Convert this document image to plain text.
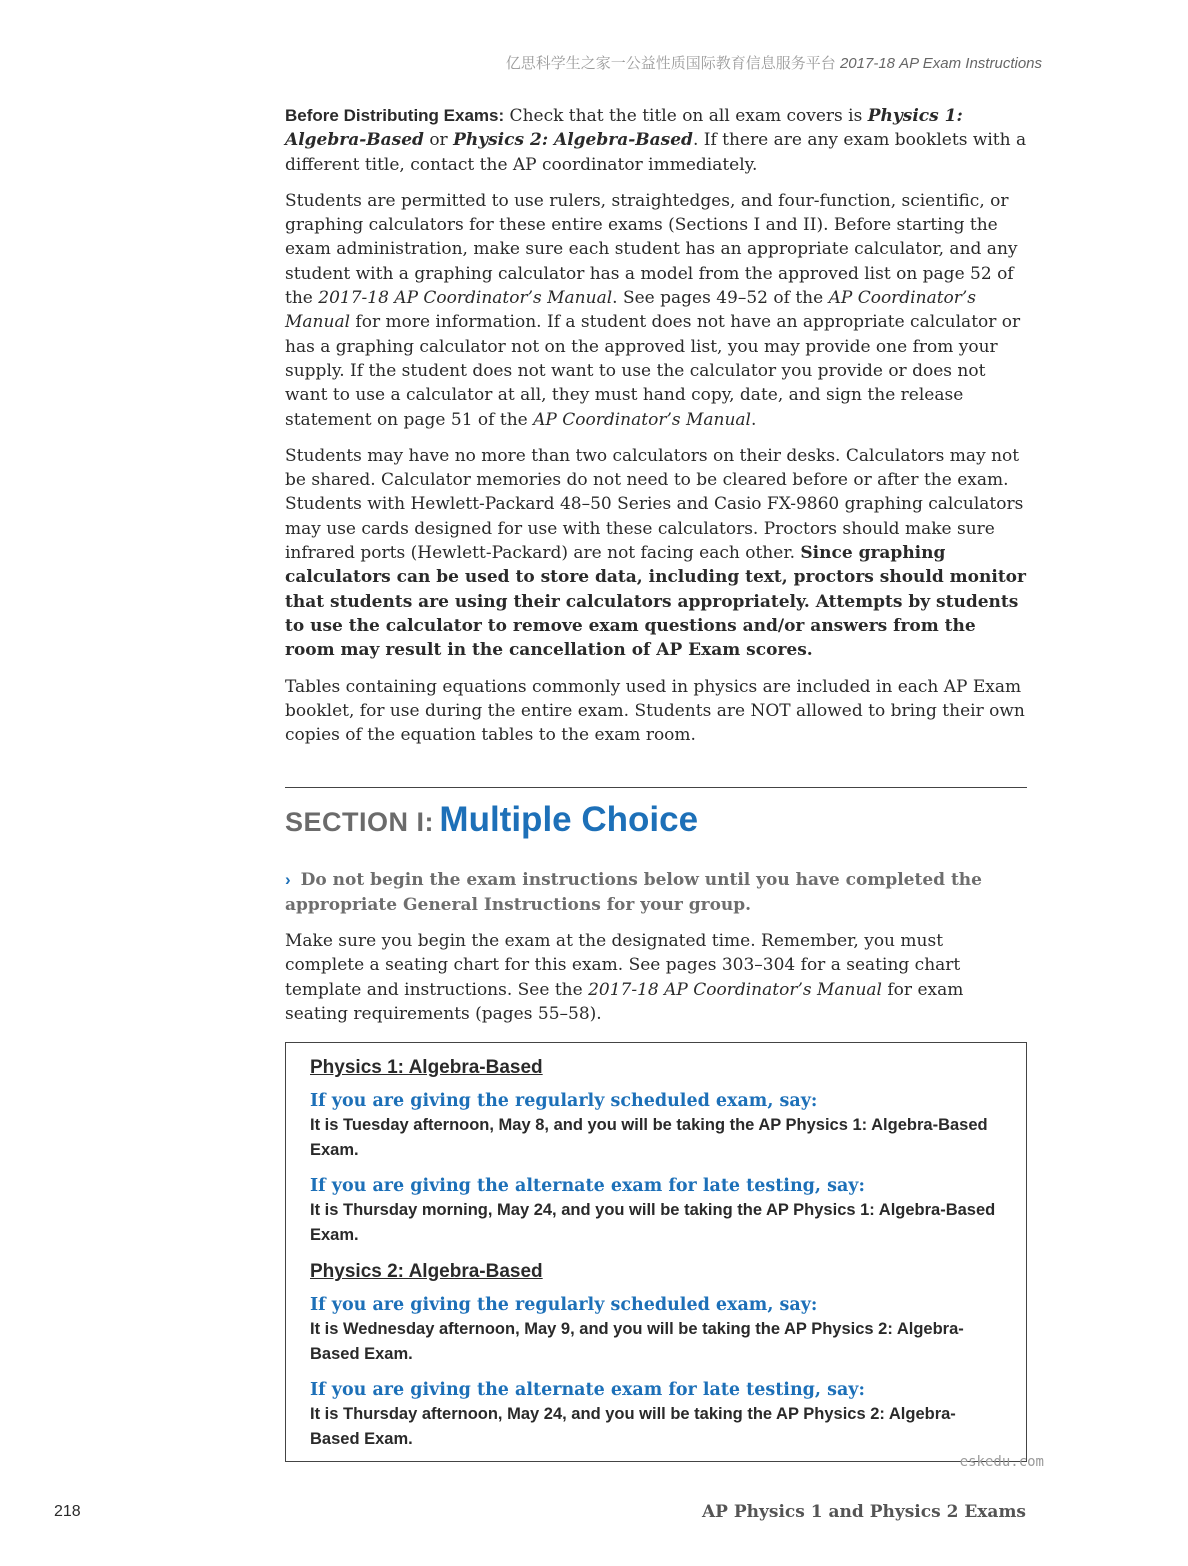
亿思科学生之家一公益性质国际教育信息服务平台 2017-18 AP Exam Instructions

Before Distributing Exams: Check that the title on all exam covers is Physics 1: Algebra-Based or Physics 2: Algebra-Based. If there are any exam booklets with a different title, contact the AP coordinator immediately.

Students are permitted to use rulers, straightedges, and four-function, scientific, or graphing calculators for these entire exams (Sections I and II). Before starting the exam administration, make sure each student has an appropriate calculator, and any student with a graphing calculator has a model from the approved list on page 52 of the 2017-18 AP Coordinator’s Manual. See pages 49–52 of the AP Coordinator’s Manual for more information. If a student does not have an appropriate calculator or has a graphing calculator not on the approved list, you may provide one from your supply. If the student does not want to use the calculator you provide or does not want to use a calculator at all, they must hand copy, date, and sign the release statement on page 51 of the AP Coordinator’s Manual.

Students may have no more than two calculators on their desks. Calculators may not be shared. Calculator memories do not need to be cleared before or after the exam. Students with Hewlett-Packard 48–50 Series and Casio FX-9860 graphing calculators may use cards designed for use with these calculators. Proctors should make sure infrared ports (Hewlett-Packard) are not facing each other. Since graphing calculators can be used to store data, including text, proctors should monitor that students are using their calculators appropriately. Attempts by students to use the calculator to remove exam questions and/or answers from the room may result in the cancellation of AP Exam scores.

Tables containing equations commonly used in physics are included in each AP Exam booklet, for use during the entire exam. Students are NOT allowed to bring their own copies of the equation tables to the exam room.

SECTION I: Multiple Choice

› Do not begin the exam instructions below until you have completed the appropriate General Instructions for your group.

Make sure you begin the exam at the designated time. Remember, you must complete a seating chart for this exam. See pages 303–304 for a seating chart template and instructions. See the 2017-18 AP Coordinator’s Manual for exam seating requirements (pages 55–58).

Physics 1: Algebra-Based

If you are giving the regularly scheduled exam, say:

It is Tuesday afternoon, May 8, and you will be taking the AP Physics 1: Algebra-Based Exam.

If you are giving the alternate exam for late testing, say:

It is Thursday morning, May 24, and you will be taking the AP Physics 1: Algebra-Based Exam.

Physics 2: Algebra-Based

If you are giving the regularly scheduled exam, say:

It is Wednesday afternoon, May 9, and you will be taking the AP Physics 2: Algebra-Based Exam.

If you are giving the alternate exam for late testing, say:

It is Thursday afternoon, May 24, and you will be taking the AP Physics 2: Algebra-Based Exam.

eskedu.com
218	AP Physics 1 and Physics 2 Exams
